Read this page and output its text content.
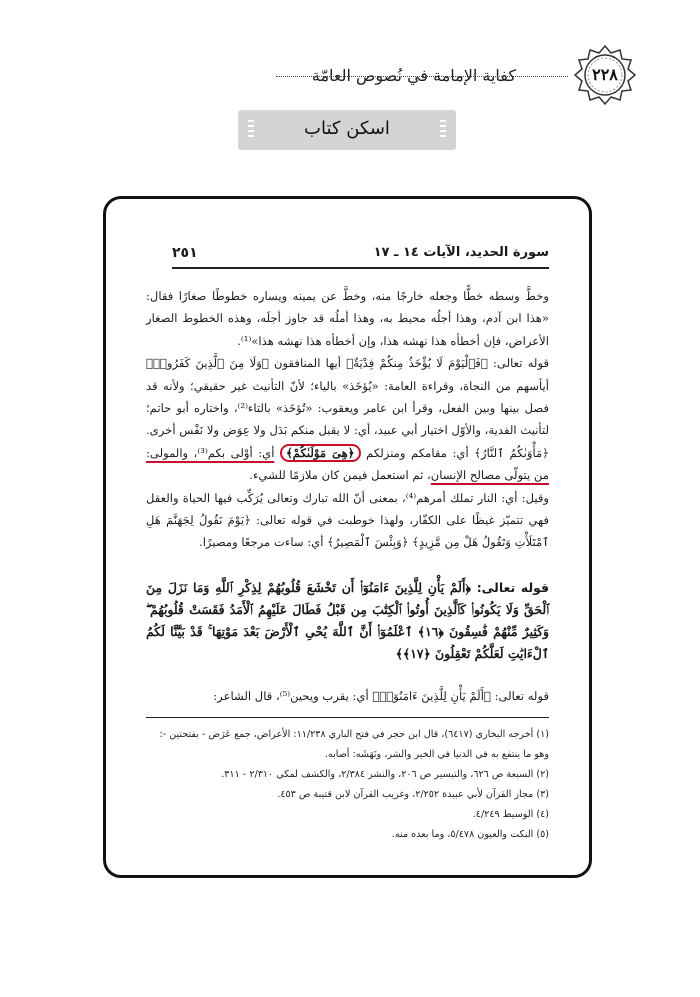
كفاية الإمامة في نُصوص العامّة	٢٢٨
اسكن كتاب
سورة الحديد، الآيات ١٤ ـ ١٧
٢٥١

وخطَّ وسطه خطًّا وجعله خارجًا منه، وخطَّ عن يمينه ويساره خطوطًا صغارًا فقال: «هذا ابن آدم، وهذا أجلُه محيط به، وهذا أملُه قد جاوز أجلَه، وهذه الخطوط الصغار الأعراض، فإن أخطأه هذا نهشه هذا، وإن أخطأه هذا نهشه هذا»⁽¹⁾.

قوله تعالى: ﴿فَٱلْيَوْمَ لَا يُؤْخَذُ مِنكُمْ فِدْيَةٌ﴾ أيها المنافقون ﴿وَلَا مِنَ ٱلَّذِينَ كَفَرُوا۟﴾ أيأسهم من النجاة، وقراءة العامة: «يُؤخَذ» بالياء؛ لأنّ التأنيث غير حقيقي؛ ولأنه قد فصل بينها وبين الفعل، وقرأ ابن عامر ويعقوب: «تُؤخَذ» بالتاء⁽²⁾، واختاره أبو حاتم؛ لتأنيث الفدية، والأوّل اختيار أبي عبيد، أي: لا يقبل منكم بَدَل ولا عِوَض ولا نَفْس أخرى. ﴿مَأْوَىٰكُمُ ٱلنَّارُ﴾ أي: مقامكم ومنزلكم ﴿هِىَ مَوْلَىٰكُمْ﴾ أي: أوْلى بكم⁽³⁾، والمولى: من يتولّى مصالح الإنسان، ثم استعمل فيمن كان ملازمًا للشيء.

وقيل: أي: النار تملك أمرهم⁽⁴⁾، بمعنى أنّ الله تبارك وتعالى يُرَكِّب فيها الحياة والعقل فهي تتميّز غيظًا على الكفّار، ولهذا خوطبت في قوله تعالى: ﴿يَوْمَ نَقُولُ لِجَهَنَّمَ هَلِ ٱمْتَلَأْتِ وَتَقُولُ هَلْ مِن مَّزِيدٍ﴾ ﴿وَبِئْسَ ٱلْمَصِيرُ﴾ أي: ساءت مرجعًا ومصيرًا.

قوله تعالى: ﴿أَلَمْ يَأْنِ لِلَّذِينَ ءَامَنُوٓا۟ أَن تَخْشَعَ قُلُوبُهُمْ لِذِكْرِ ٱللَّهِ وَمَا نَزَلَ مِنَ ٱلْحَقِّ وَلَا يَكُونُوا۟ كَٱلَّذِينَ أُوتُوا۟ ٱلْكِتَٰبَ مِن قَبْلُ فَطَالَ عَلَيْهِمُ ٱلْأَمَدُ فَقَسَتْ قُلُوبُهُمْ ۖ وَكَثِيرٌ مِّنْهُمْ فَٰسِقُونَ ﴿١٦﴾ ٱعْلَمُوٓا۟ أَنَّ ٱللَّهَ يُحْىِ ٱلْأَرْضَ بَعْدَ مَوْتِهَا ۚ قَدْ بَيَّنَّا لَكُمُ ٱلْءَايَٰتِ لَعَلَّكُمْ تَعْقِلُونَ ﴿١٧﴾﴾

قوله تعالى: ﴿أَلَمْ يَأْنِ لِلَّذِينَ ءَامَنُوٓا۟﴾ أي: يقرب ويحين⁽⁵⁾، قال الشاعر:

(١) أخرجه البخاري (٦٤١٧)، قال ابن حجر في فتح الباري ١١/٢٣٨: الأعراض، جمع عَرَض - بفتحتين -: وهو ما ينتفع به في الدنيا في الخير والشر، ونَهَشَه: أصابه.

(٢) السبعة ص ٦٢٦، والتيسير ص ٢٠٦، والنشر ٢/٣٨٤، والكشف لمكي ٢/٣١٠ - ٣١١.

(٣) مجاز القرآن لأبي عبيدة ٢/٢٥٢، وغريب القرآن لابن قتيبة ص ٤٥٣.

(٤) الوسيط ٤/٢٤٩.

(٥) النكت والعيون ٥/٤٧٨، وما بعده منه.
